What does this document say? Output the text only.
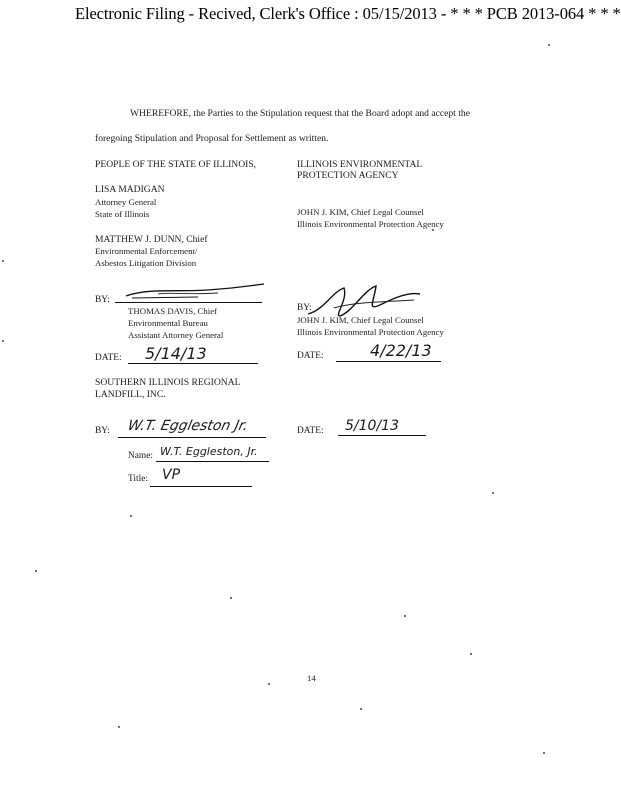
Electronic Filing - Recived, Clerk's Office : 05/15/2013 - * * * PCB 2013-064 * * *
WHEREFORE, the Parties to the Stipulation request that the Board adopt and accept the
foregoing Stipulation and Proposal for Settlement as written.
PEOPLE OF THE STATE OF ILLINOIS,
LISA MADIGAN
Attorney General
State of Illinois
MATTHEW J. DUNN, Chief
Environmental Enforcement/
Asbestos Litigation Division
ILLINOIS ENVIRONMENTAL
PROTECTION AGENCY
JOHN J. KIM, Chief Legal Counsel
Illinois Environmental Protection Agency
BY:
THOMAS DAVIS, Chief
Environmental Bureau
Assistant Attorney General
BY:
JOHN J. KIM, Chief Legal Counsel
Illinois Environmental Protection Agency
DATE: 5/14/13	DATE:	4/22/13
SOUTHERN ILLINOIS REGIONAL
LANDFILL, INC.
BY: W.T. Eggleston Jr.	DATE: 5/10/13
Name: W.T. Eggleston, Jr.
Title: VP
14
